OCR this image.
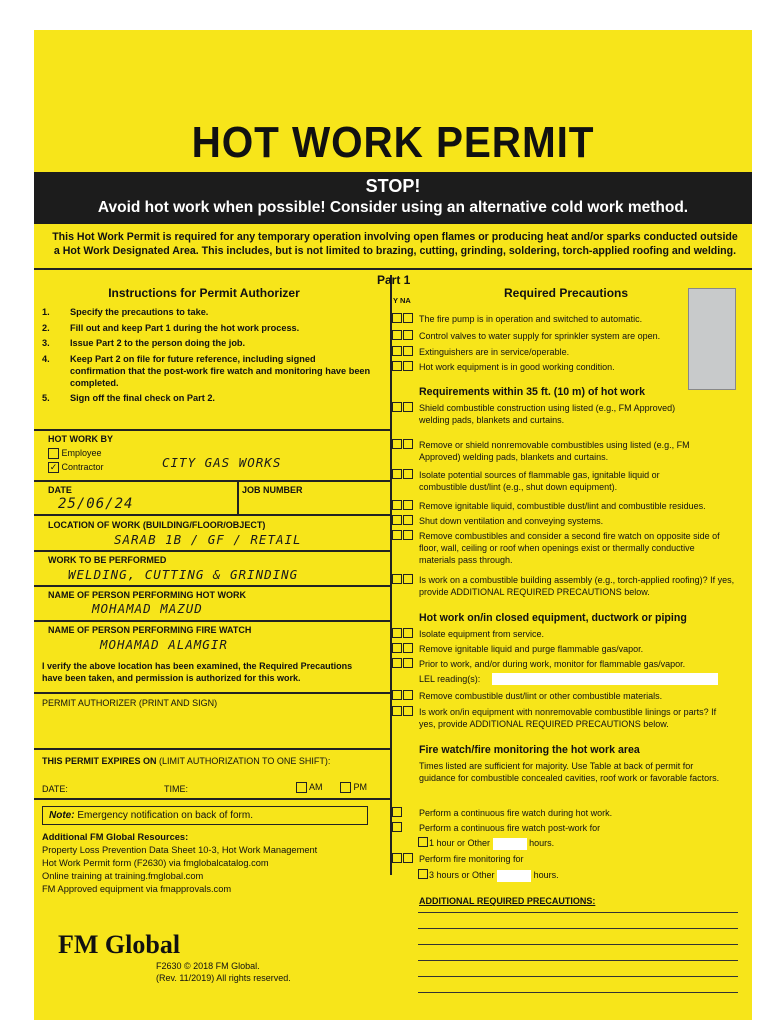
HOT WORK PERMIT
STOP!
Avoid hot work when possible! Consider using an alternative cold work method.
This Hot Work Permit is required for any temporary operation involving open flames or producing heat and/or sparks conducted outside a Hot Work Designated Area. This includes, but is not limited to brazing, cutting, grinding, soldering, torch-applied roofing and welding.
Part 1
Y NA
Instructions for Permit Authorizer
1. Specify the precautions to take.
2. Fill out and keep Part 1 during the hot work process.
3. Issue Part 2 to the person doing the job.
4. Keep Part 2 on file for future reference, including signed confirmation that the post-work fire watch and monitoring have been completed.
5. Sign off the final check on Part 2.
HOT WORK BY
Employee
✓ Contractor	CITY GAS WORKS
DATE
25/06/24
JOB NUMBER
LOCATION OF WORK (BUILDING/FLOOR/OBJECT)
SARAB 1B / GF / RETAIL
WORK TO BE PERFORMED
WELDING, CUTTING & GRINDING
NAME OF PERSON PERFORMING HOT WORK
MOHAMAD MAZUD
NAME OF PERSON PERFORMING FIRE WATCH
MOHAMAD ALAMGIR
I verify the above location has been examined, the Required Precautions have been taken, and permission is authorized for this work.
PERMIT AUTHORIZER (PRINT AND SIGN)
THIS PERMIT EXPIRES ON (LIMIT AUTHORIZATION TO ONE SHIFT):
DATE:	TIME:	AM	PM
Note: Emergency notification on back of form.
Additional FM Global Resources:
Property Loss Prevention Data Sheet 10-3, Hot Work Management
Hot Work Permit form (F2630) via fmglobalcatalog.com
Online training at training.fmglobal.com
FM Approved equipment via fmapprovals.com
FM Global
F2630 © 2018 FM Global.
(Rev. 11/2019) All rights reserved.
Required Precautions
The fire pump is in operation and switched to automatic.
Control valves to water supply for sprinkler system are open.
Extinguishers are in service/operable.
Hot work equipment is in good working condition.
Requirements within 35 ft. (10 m) of hot work
Shield combustible construction using listed (e.g., FM Approved) welding pads, blankets and curtains.
Remove or shield nonremovable combustibles using listed (e.g., FM Approved) welding pads, blankets and curtains.
Isolate potential sources of flammable gas, ignitable liquid or combustible dust/lint (e.g., shut down equipment).
Remove ignitable liquid, combustible dust/lint and combustible residues.
Shut down ventilation and conveying systems.
Remove combustibles and consider a second fire watch on opposite side of floor, wall, ceiling or roof when openings exist or thermally conductive materials pass through.
Is work on a combustible building assembly (e.g., torch-applied roofing)? If yes, provide ADDITIONAL REQUIRED PRECAUTIONS below.
Hot work on/in closed equipment, ductwork or piping
Isolate equipment from service.
Remove ignitable liquid and purge flammable gas/vapor.
Prior to work, and/or during work, monitor for flammable gas/vapor.
LEL reading(s):
Remove combustible dust/lint or other combustible materials.
Is work on/in equipment with nonremovable combustible linings or parts? If yes, provide ADDITIONAL REQUIRED PRECAUTIONS below.
Fire watch/fire monitoring the hot work area
Times listed are sufficient for majority. Use Table at back of permit for guidance for combustible concealed cavities, roof work or favorable factors.
Perform a continuous fire watch during hot work.
Perform a continuous fire watch post-work for
1 hour or Other	hours.
Perform fire monitoring for
3 hours or Other	hours.
ADDITIONAL REQUIRED PRECAUTIONS:
